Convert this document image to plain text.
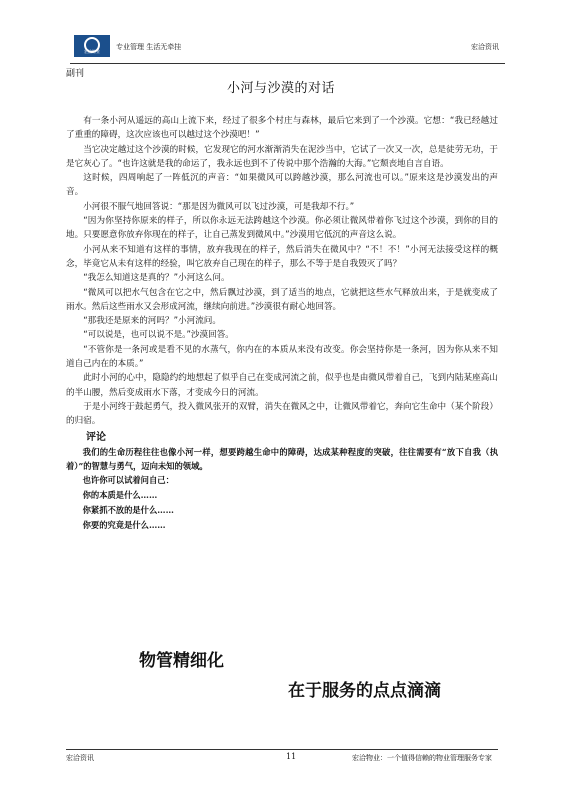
宏洽物业
专业管理 生活无牵挂	宏洽资讯
副刊
小河与沙漠的对话

有一条小河从遥远的高山上流下来，经过了很多个村庄与森林，最后它来到了一个沙漠。它想：“我已经越过了重重的障碍，这次应该也可以越过这个沙漠吧！”

当它决定越过这个沙漠的时候，它发现它的河水渐渐消失在泥沙当中，它试了一次又一次，总是徒劳无功，于是它灰心了。“也许这就是我的命运了，我永远也到不了传说中那个浩瀚的大海。”它颓丧地自言自语。

这时候，四周响起了一阵低沉的声音：“如果微风可以跨越沙漠，那么河流也可以。”原来这是沙漠发出的声音。

小河很不服气地回答说：“那是因为微风可以飞过沙漠，可是我却不行。”

“因为你坚持你原来的样子，所以你永远无法跨越这个沙漠。你必须让微风带着你飞过这个沙漠，到你的目的地。只要愿意你放弃你现在的样子，让自己蒸发到微风中。”沙漠用它低沉的声音这么说。

小河从来不知道有这样的事情，放弃我现在的样子，然后消失在微风中？“不！不！”小河无法接受这样的概念，毕竟它从未有这样的经验，叫它放弃自己现在的样子，那么不等于是自我毁灭了吗？

“我怎么知道这是真的？”小河这么问。

“微风可以把水气包含在它之中，然后飘过沙漠，到了适当的地点，它就把这些水气释放出来，于是就变成了雨水。然后这些雨水又会形成河流，继续向前进。”沙漠很有耐心地回答。

“那我还是原来的河吗？”小河流问。

“可以说是，也可以说不是。”沙漠回答。

“不管你是一条河或是看不见的水蒸气，你内在的本质从来没有改变。你会坚持你是一条河，因为你从来不知道自己内在的本质。”

此时小河的心中，隐隐约约地想起了似乎自己在变成河流之前，似乎也是由微风带着自己，飞到内陆某座高山的半山腰，然后变成雨水下落，才变成今日的河流。

于是小河终于鼓起勇气，投入微风张开的双臂，消失在微风之中，让微风带着它，奔向它生命中（某个阶段）的归宿。

评论
我们的生命历程往往也像小河一样，想要跨越生命中的障碍，达成某种程度的突破，往往需要有“放下自我（执着）”的智慧与勇气，迈向未知的领域。
也许你可以试着问自己：
你的本质是什么……
你紧抓不放的是什么……
你要的究竟是什么……
物管精细化
在于服务的点点滴滴
宏洽资讯	11	宏洽物业：一个值得信赖的物业管理服务专家
